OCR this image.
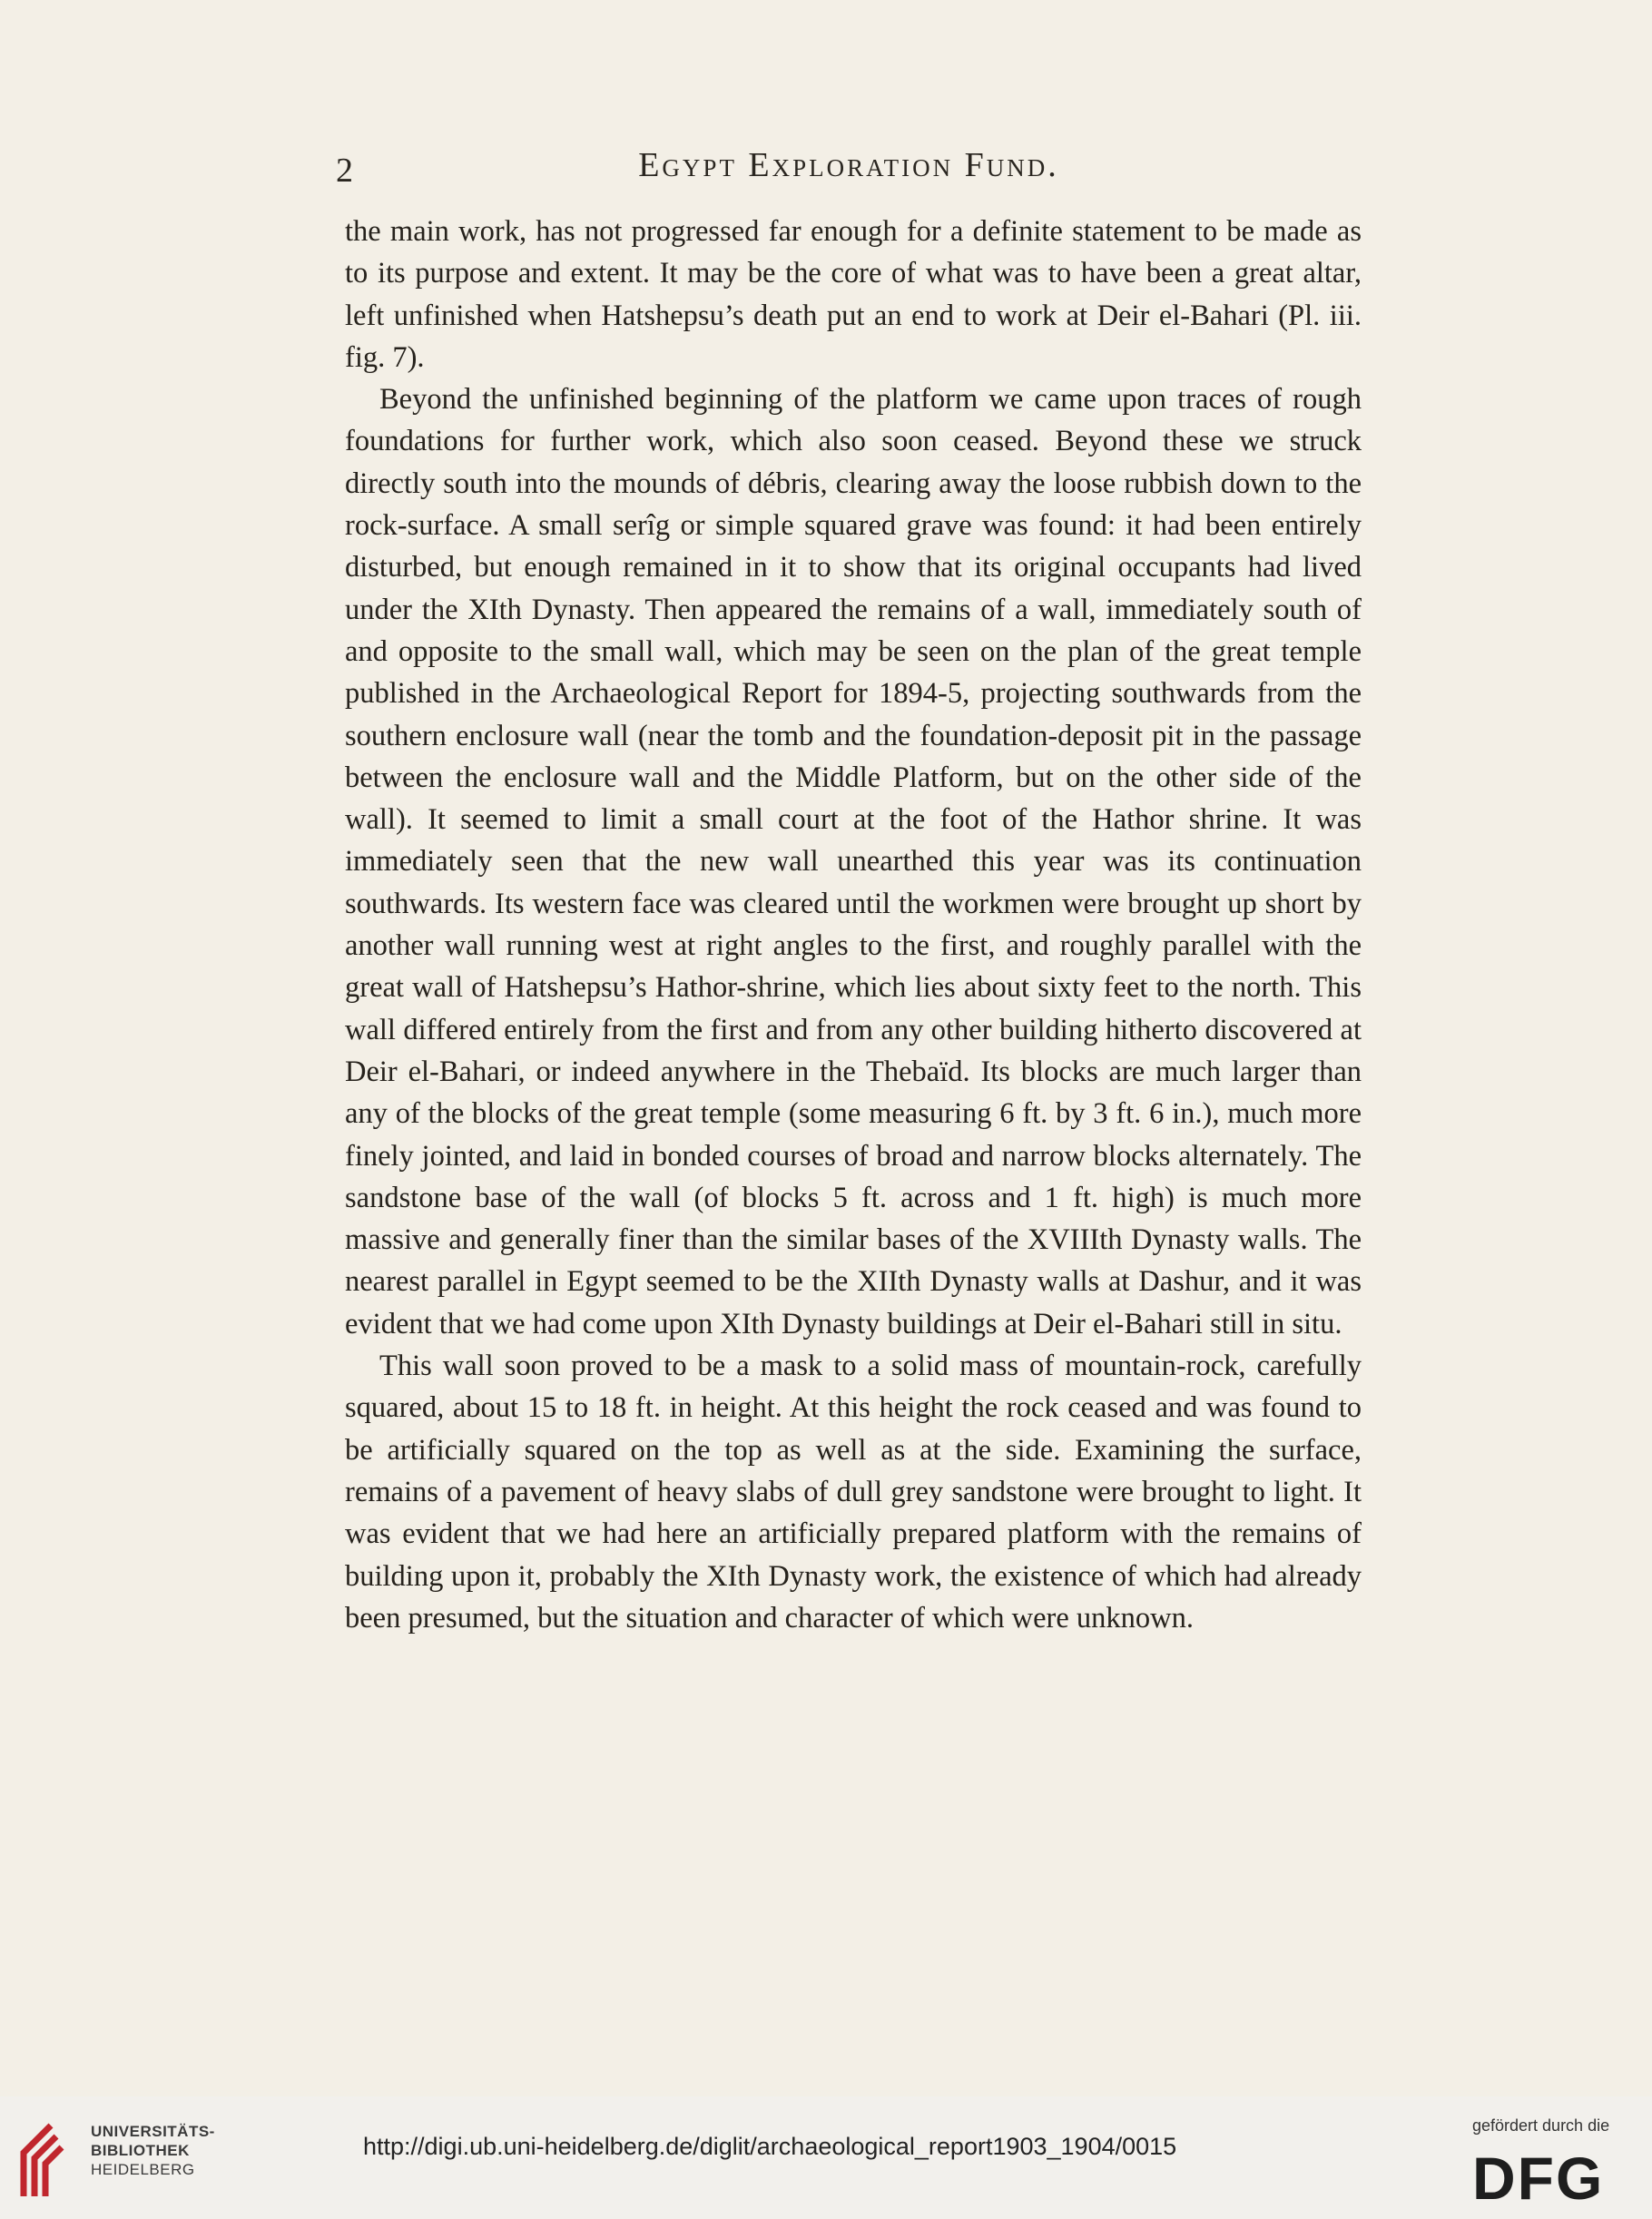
2	Egypt Exploration Fund.

the main work, has not progressed far enough for a definite statement to be made as to its purpose and extent. It may be the core of what was to have been a great altar, left unfinished when Hatshepsu’s death put an end to work at Deir el-Bahari (Pl. iii. fig. 7).

Beyond the unfinished beginning of the platform we came upon traces of rough foundations for further work, which also soon ceased. Beyond these we struck directly south into the mounds of débris, clearing away the loose rubbish down to the rock-surface. A small serîg or simple squared grave was found: it had been entirely disturbed, but enough remained in it to show that its original occupants had lived under the XIth Dynasty. Then appeared the remains of a wall, immediately south of and opposite to the small wall, which may be seen on the plan of the great temple published in the Archaeological Report for 1894-5, projecting southwards from the southern enclosure wall (near the tomb and the foundation-deposit pit in the passage between the enclosure wall and the Middle Platform, but on the other side of the wall). It seemed to limit a small court at the foot of the Hathor shrine. It was immediately seen that the new wall unearthed this year was its continuation southwards. Its western face was cleared until the workmen were brought up short by another wall running west at right angles to the first, and roughly parallel with the great wall of Hatshepsu’s Hathor-shrine, which lies about sixty feet to the north. This wall differed entirely from the first and from any other building hitherto discovered at Deir el-Bahari, or indeed anywhere in the Thebaïd. Its blocks are much larger than any of the blocks of the great temple (some measuring 6 ft. by 3 ft. 6 in.), much more finely jointed, and laid in bonded courses of broad and narrow blocks alternately. The sandstone base of the wall (of blocks 5 ft. across and 1 ft. high) is much more massive and generally finer than the similar bases of the XVIIIth Dynasty walls. The nearest parallel in Egypt seemed to be the XIIth Dynasty walls at Dashur, and it was evident that we had come upon XIth Dynasty buildings at Deir el-Bahari still in situ.

This wall soon proved to be a mask to a solid mass of mountain-rock, carefully squared, about 15 to 18 ft. in height. At this height the rock ceased and was found to be artificially squared on the top as well as at the side. Examining the surface, remains of a pavement of heavy slabs of dull grey sandstone were brought to light. It was evident that we had here an artificially prepared platform with the remains of building upon it, probably the XIth Dynasty work, the existence of which had already been presumed, but the situation and character of which were unknown.

UNIVERSITÄTS-
BIBLIOTHEK
HEIDELBERG
http://digi.ub.uni-heidelberg.de/diglit/archaeological_report1903_1904/0015
gefördert durch die
DFG
